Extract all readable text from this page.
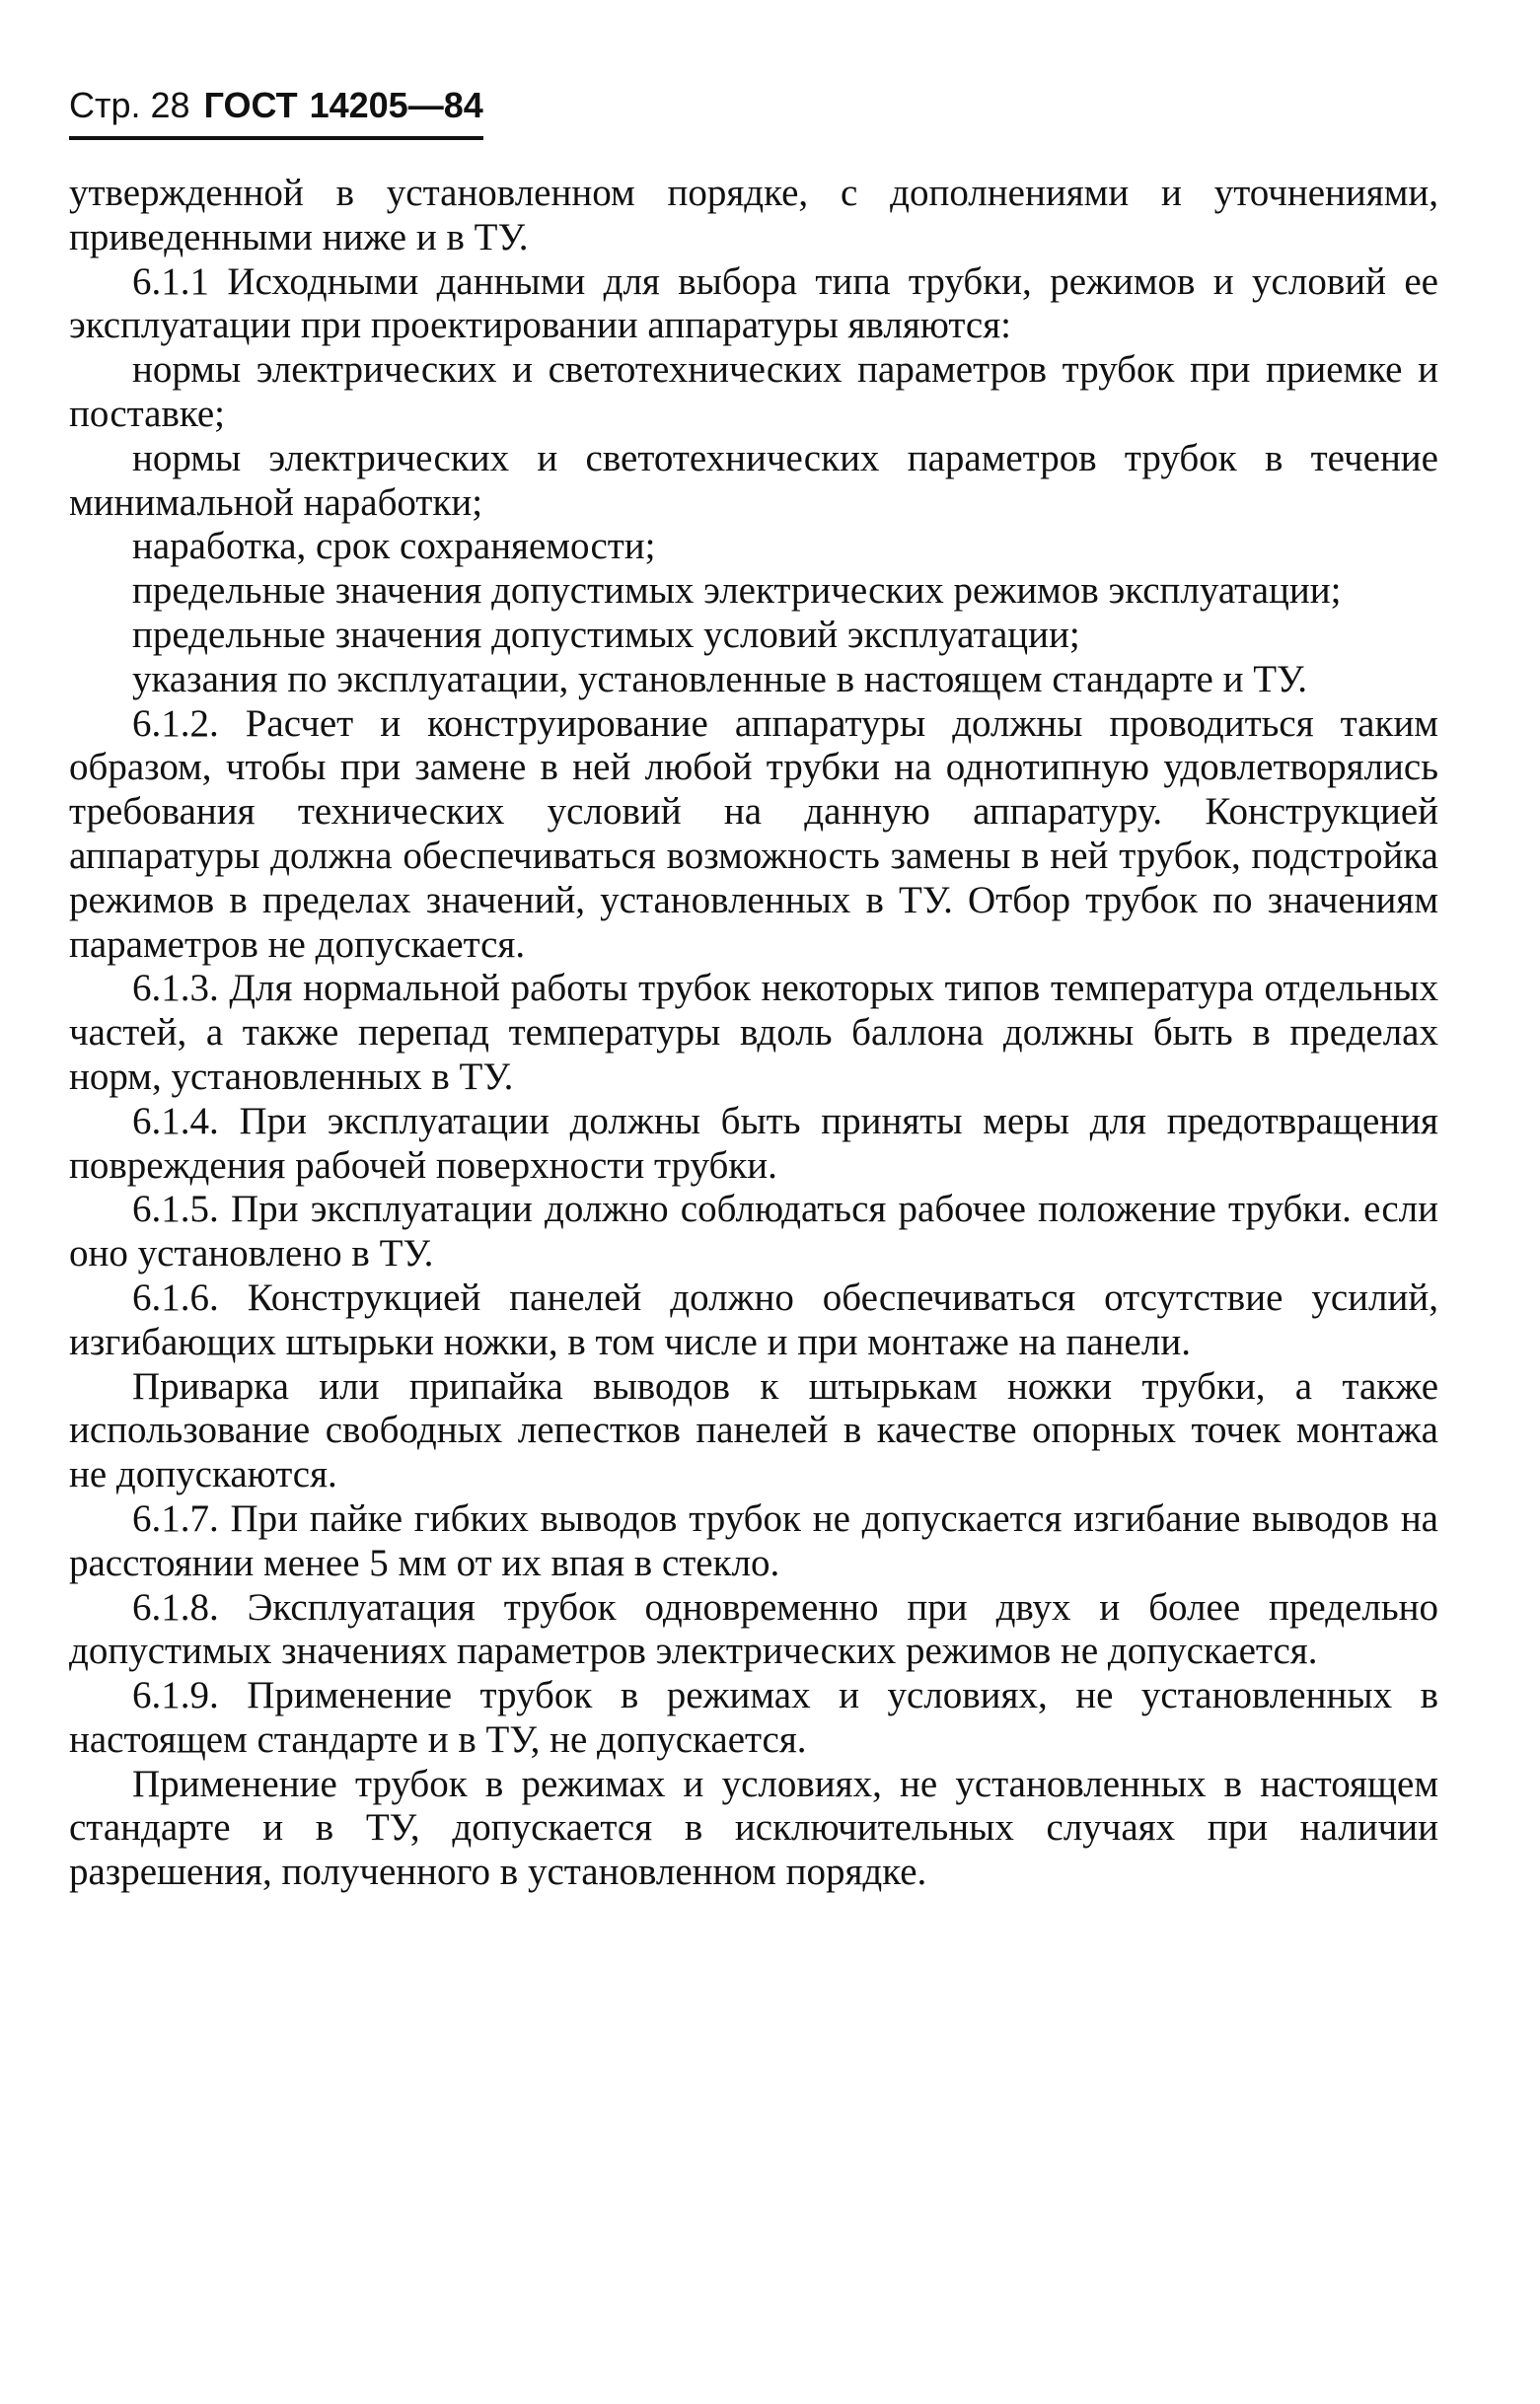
Стр. 28 ГОСТ 14205—84

утвержденной в установленном порядке, с дополнениями и уточнениями, приведенными ниже и в ТУ.

6.1.1 Исходными данными для выбора типа трубки, режимов и условий ее эксплуатации при проектировании аппаратуры являются:

нормы электрических и светотехнических параметров трубок при приемке и поставке;

нормы электрических и светотехнических параметров трубок в течение минимальной наработки;

наработка, срок сохраняемости;

предельные значения допустимых электрических режимов эксплуатации;

предельные значения допустимых условий эксплуатации;

указания по эксплуатации, установленные в настоящем стандарте и ТУ.

6.1.2. Расчет и конструирование аппаратуры должны проводиться таким образом, чтобы при замене в ней любой трубки на однотипную удовлетворялись требования технических условий на данную аппаратуру. Конструкцией аппаратуры должна обеспечиваться возможность замены в ней трубок, подстройка режимов в пределах значений, установленных в ТУ. Отбор трубок по значениям параметров не допускается.

6.1.3. Для нормальной работы трубок некоторых типов температура отдельных частей, а также перепад температуры вдоль баллона должны быть в пределах норм, установленных в ТУ.

6.1.4. При эксплуатации должны быть приняты меры для предотвращения повреждения рабочей поверхности трубки.

6.1.5. При эксплуатации должно соблюдаться рабочее положение трубки. если оно установлено в ТУ.

6.1.6. Конструкцией панелей должно обеспечиваться отсутствие усилий, изгибающих штырьки ножки, в том числе и при монтаже на панели.

Приварка или припайка выводов к штырькам ножки трубки, а также использование свободных лепестков панелей в качестве опорных точек монтажа не допускаются.

6.1.7. При пайке гибких выводов трубок не допускается изгибание выводов на расстоянии менее 5 мм от их впая в стекло.

6.1.8. Эксплуатация трубок одновременно при двух и более предельно допустимых значениях параметров электрических режимов не допускается.

6.1.9. Применение трубок в режимах и условиях, не установленных в настоящем стандарте и в ТУ, не допускается.

Применение трубок в режимах и условиях, не установленных в настоящем стандарте и в ТУ, допускается в исключительных случаях при наличии разрешения, полученного в установленном порядке.
